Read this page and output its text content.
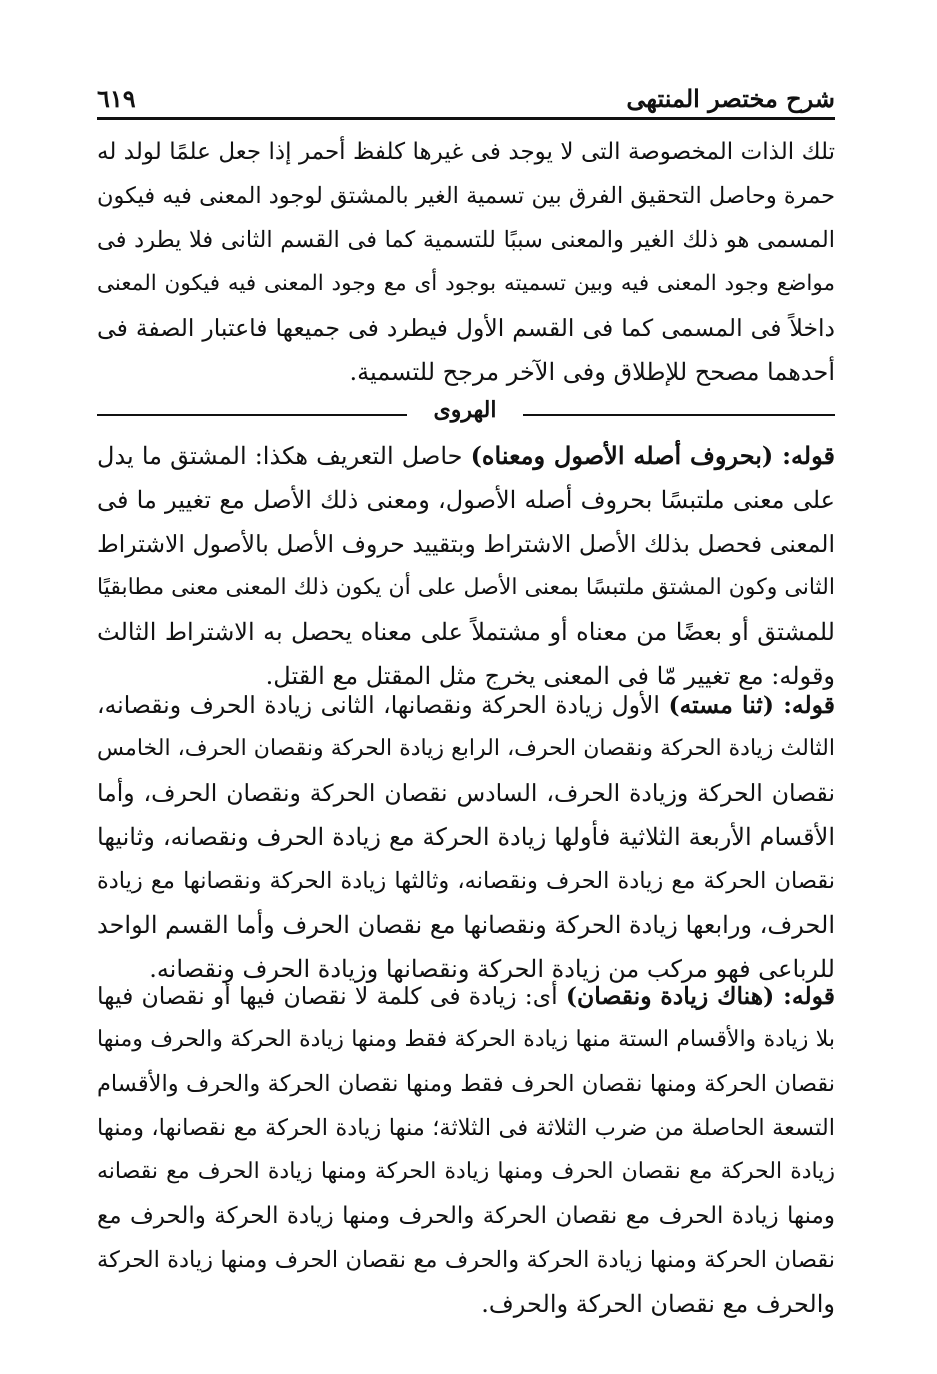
شرح مختصر المنتهى
٦١٩
تلك الذات المخصوصة التى لا يوجد فى غيرها كلفظ أحمر إذا جعل علمًا لولد له
حمرة وحاصل التحقيق الفرق بين تسمية الغير بالمشتق لوجود المعنى فيه فيكون
المسمى هو ذلك الغير والمعنى سببًا للتسمية كما فى القسم الثانى فلا يطرد فى
مواضع وجود المعنى فيه وبين تسميته بوجود أى مع وجود المعنى فيه فيكون المعنى
داخلاً فى المسمى كما فى القسم الأول فيطرد فى جميعها فاعتبار الصفة فى
أحدهما مصحح للإطلاق وفى الآخر مرجح للتسمية.
الهروى
قوله: (بحروف أصله الأصول ومعناه) حاصل التعريف هكذا: المشتق ما يدل
على معنى ملتبسًا بحروف أصله الأصول، ومعنى ذلك الأصل مع تغيير ما فى
المعنى فحصل بذلك الأصل الاشتراط وبتقييد حروف الأصل بالأصول الاشتراط
الثانى وكون المشتق ملتبسًا بمعنى الأصل على أن يكون ذلك المعنى معنى مطابقيًا
للمشتق أو بعضًا من معناه أو مشتملاً على معناه يحصل به الاشتراط الثالث
وقوله: مع تغيير مّا فى المعنى يخرج مثل المقتل مع القتل.
قوله: (ثنا مسته) الأول زيادة الحركة ونقصانها، الثانى زيادة الحرف ونقصانه،
الثالث زيادة الحركة ونقصان الحرف، الرابع زيادة الحركة ونقصان الحرف، الخامس
نقصان الحركة وزيادة الحرف، السادس نقصان الحركة ونقصان الحرف، وأما
الأقسام الأربعة الثلاثية فأولها زيادة الحركة مع زيادة الحرف ونقصانه، وثانيها
نقصان الحركة مع زيادة الحرف ونقصانه، وثالثها زيادة الحركة ونقصانها مع زيادة
الحرف، ورابعها زيادة الحركة ونقصانها مع نقصان الحرف وأما القسم الواحد
للرباعى فهو مركب من زيادة الحركة ونقصانها وزيادة الحرف ونقصانه.
قوله: (هناك زيادة ونقصان) أى: زيادة فى كلمة لا نقصان فيها أو نقصان فيها
بلا زيادة والأقسام الستة منها زيادة الحركة فقط ومنها زيادة الحركة والحرف ومنها
نقصان الحركة ومنها نقصان الحرف فقط ومنها نقصان الحركة والحرف والأقسام
التسعة الحاصلة من ضرب الثلاثة فى الثلاثة؛ منها زيادة الحركة مع نقصانها، ومنها
زيادة الحركة مع نقصان الحرف ومنها زيادة الحركة ومنها زيادة الحرف مع نقصانه
ومنها زيادة الحرف مع نقصان الحركة والحرف ومنها زيادة الحركة والحرف مع
نقصان الحركة ومنها زيادة الحركة والحرف مع نقصان الحرف ومنها زيادة الحركة
والحرف مع نقصان الحركة والحرف.
